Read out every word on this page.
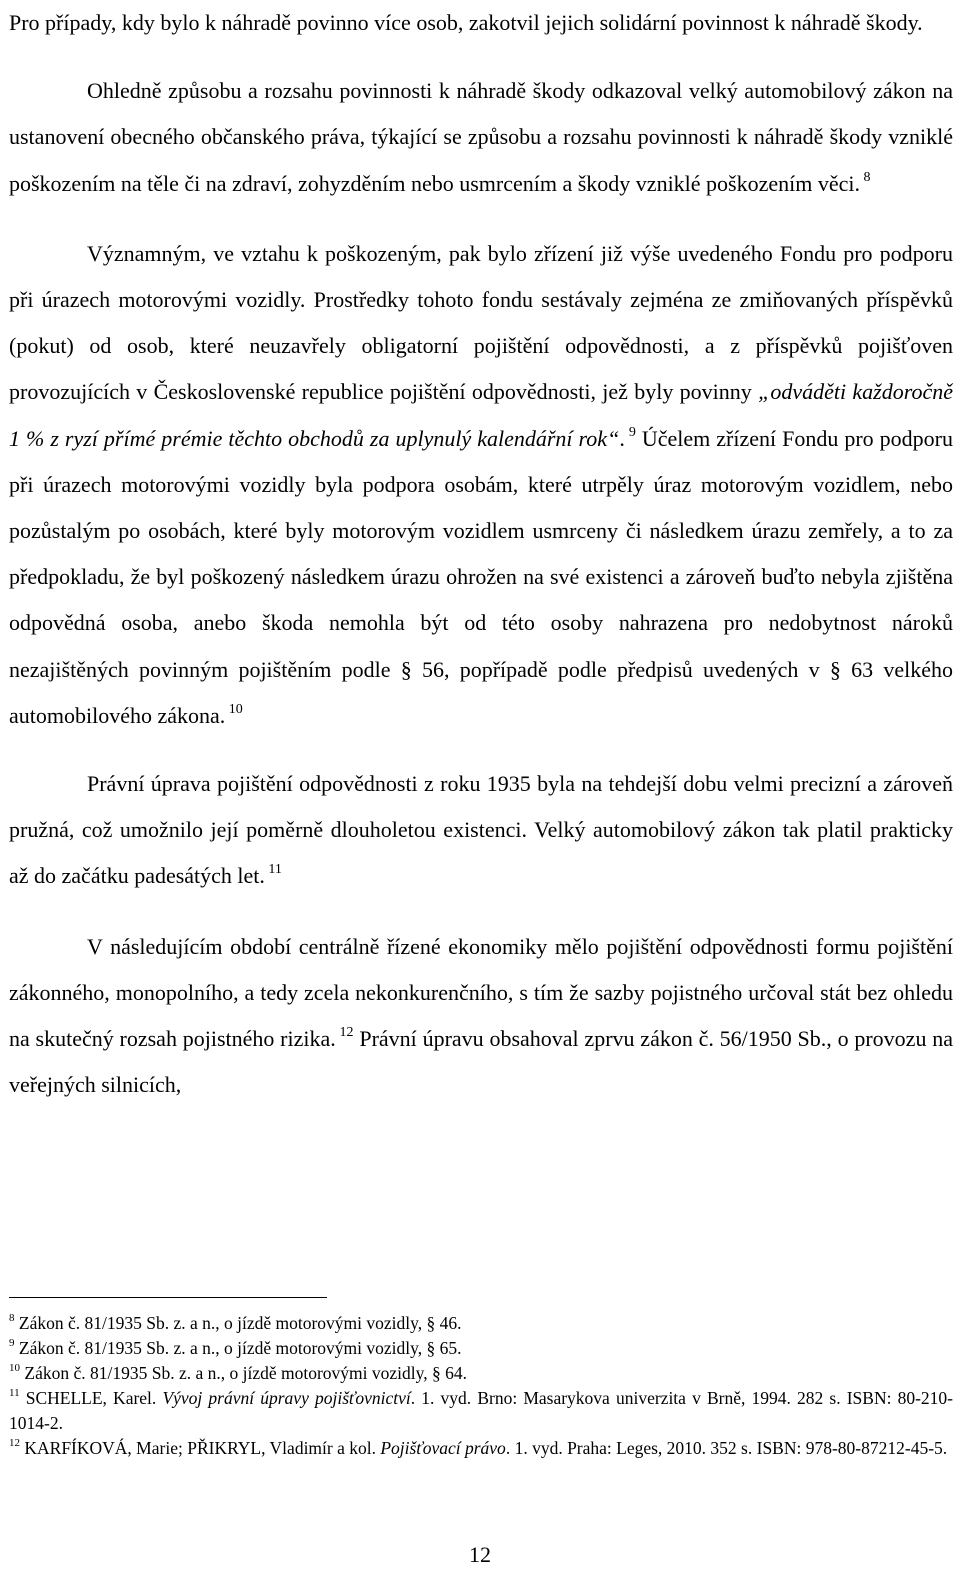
Pro případy, kdy bylo k náhradě povinno více osob, zakotvil jejich solidární povinnost k náhradě škody.

Ohledně způsobu a rozsahu povinnosti k náhradě škody odkazoval velký automobilový zákon na ustanovení obecného občanského práva, týkající se způsobu a rozsahu povinnosti k náhradě škody vzniklé poškozením na těle či na zdraví, zohyzděním nebo usmrcením a škody vzniklé poškozením věci. $^8$

Významným, ve vztahu k poškozeným, pak bylo zřízení již výše uvedeného Fondu pro podporu při úrazech motorovými vozidly. Prostředky tohoto fondu sestávaly zejména ze zmiňovaných příspěvků (pokut) od osob, které neuzavřely obligatorní pojištění odpovědnosti, a z příspěvků pojišťoven provozujících v Československé republice pojištění odpovědnosti, jež byly povinny „odváděti každoročně 1 % z ryzí přímé prémie těchto obchodů za uplynulý kalendářní rok“. $^9$ Účelem zřízení Fondu pro podporu při úrazech motorovými vozidly byla podpora osobám, které utrpěly úraz motorovým vozidlem, nebo pozůstalým po osobách, které byly motorovým vozidlem usmrceny či následkem úrazu zemřely, a to za předpokladu, že byl poškozený následkem úrazu ohrožen na své existenci a zároveň buďto nebyla zjištěna odpovědná osoba, anebo škoda nemohla být od této osoby nahrazena pro nedobytnost nároků nezajištěných povinným pojištěním podle § 56, popřípadě podle předpisů uvedených v § 63 velkého automobilového zákona. $^{10}$

Právní úprava pojištění odpovědnosti z roku 1935 byla na tehdejší dobu velmi precizní a zároveň pružná, což umožnilo její poměrně dlouholetou existenci. Velký automobilový zákon tak platil prakticky až do začátku padesátých let. $^{11}$

V následujícím období centrálně řízené ekonomiky mělo pojištění odpovědnosti formu pojištění zákonného, monopolního, a tedy zcela nekonkurenčního, s tím že sazby pojistného určoval stát bez ohledu na skutečný rozsah pojistného rizika. $^{12}$ Právní úpravu obsahoval zprvu zákon č. 56/1950 Sb., o provozu na veřejných silnicích,

$^8$ Zákon č. 81/1935 Sb. z. a n., o jízdě motorovými vozidly, § 46.

$^9$ Zákon č. 81/1935 Sb. z. a n., o jízdě motorovými vozidly, § 65.

$^{10}$ Zákon č. 81/1935 Sb. z. a n., o jízdě motorovými vozidly, § 64.

$^{11}$ SCHELLE, Karel. Vývoj právní úpravy pojišťovnictví. 1. vyd. Brno: Masarykova univerzita v Brně, 1994. 282 s. ISBN: 80-210-1014-2.

$^{12}$ KARFÍKOVÁ, Marie; PŘIKRYL, Vladimír a kol. Pojišťovací právo. 1. vyd. Praha: Leges, 2010. 352 s. ISBN: 978-80-87212-45-5.

12
